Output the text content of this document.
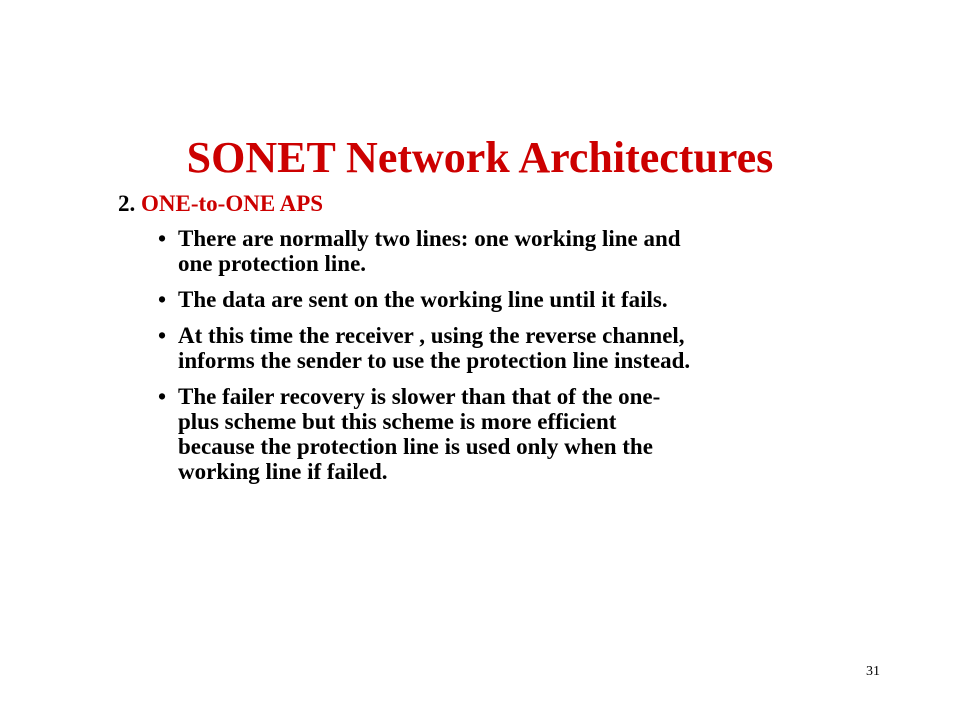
SONET Network Architectures
2. ONE-to-ONE APS
• There are normally two lines: one working line and
one protection line.
• The data are sent on the working line until it fails.
• At this time the receiver , using the reverse channel,
informs the sender to use the protection line instead.
• The failer recovery is slower than that of the one-
plus scheme but this scheme is more efficient
because the protection line is used only when the
working line if failed.
31
